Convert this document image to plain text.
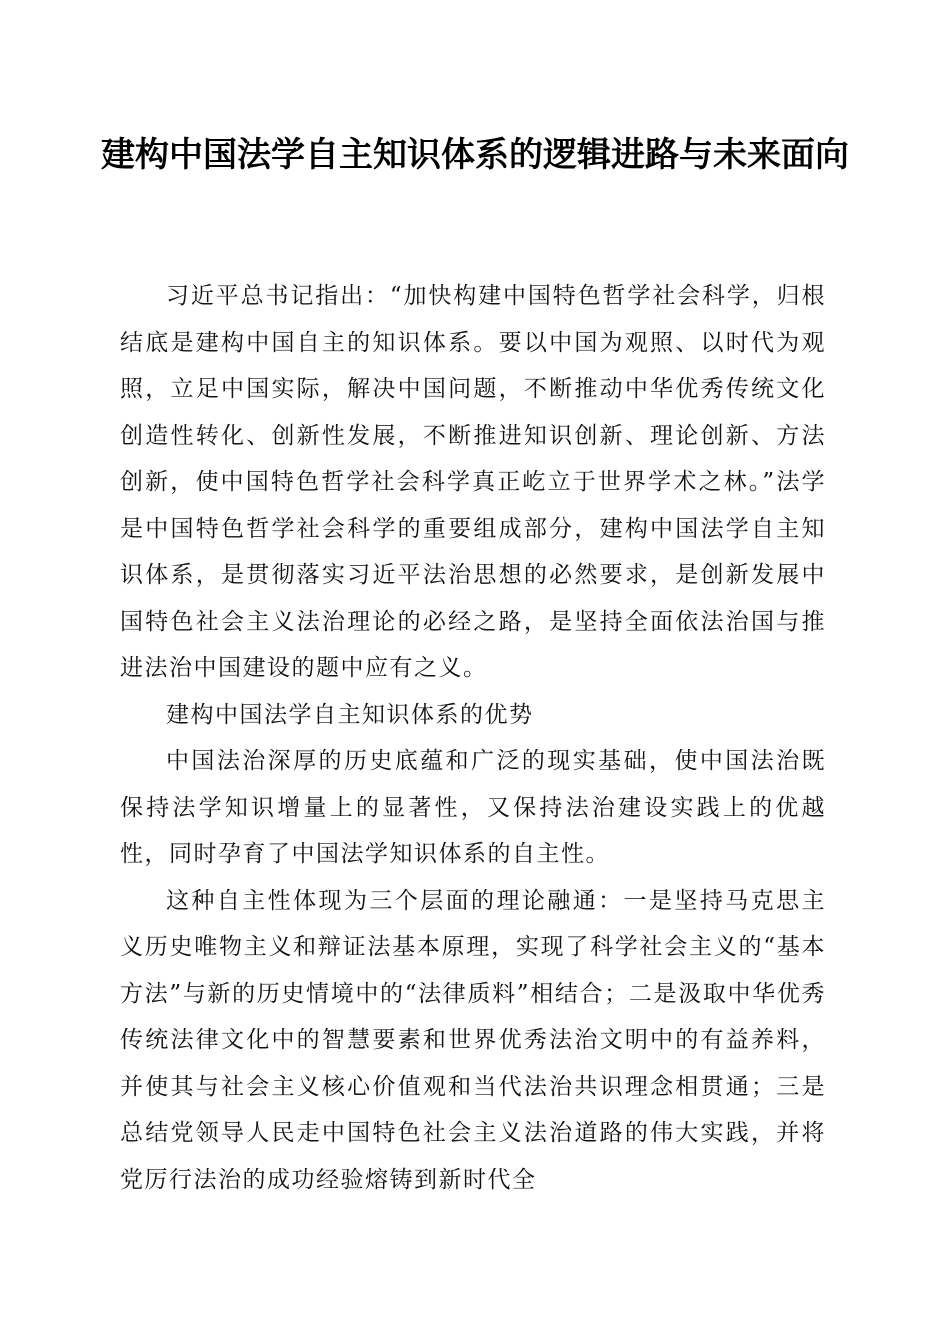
建构中国法学自主知识体系的逻辑进路与未来面向

习近平总书记指出：“加快构建中国特色哲学社会科学，归根结底是建构中国自主的知识体系。要以中国为观照、以时代为观照，立足中国实际，解决中国问题，不断推动中华优秀传统文化创造性转化、创新性发展，不断推进知识创新、理论创新、方法创新，使中国特色哲学社会科学真正屹立于世界学术之林。”法学是中国特色哲学社会科学的重要组成部分，建构中国法学自主知识体系，是贯彻落实习近平法治思想的必然要求，是创新发展中国特色社会主义法治理论的必经之路，是坚持全面依法治国与推进法治中国建设的题中应有之义。

建构中国法学自主知识体系的优势

中国法治深厚的历史底蕴和广泛的现实基础，使中国法治既保持法学知识增量上的显著性，又保持法治建设实践上的优越性，同时孕育了中国法学知识体系的自主性。

这种自主性体现为三个层面的理论融通：一是坚持马克思主义历史唯物主义和辩证法基本原理，实现了科学社会主义的“基本方法”与新的历史情境中的“法律质料”相结合；二是汲取中华优秀传统法律文化中的智慧要素和世界优秀法治文明中的有益养料，并使其与社会主义核心价值观和当代法治共识理念相贯通；三是总结党领导人民走中国特色社会主义法治道路的伟大实践，并将党厉行法治的成功经验熔铸到新时代全
